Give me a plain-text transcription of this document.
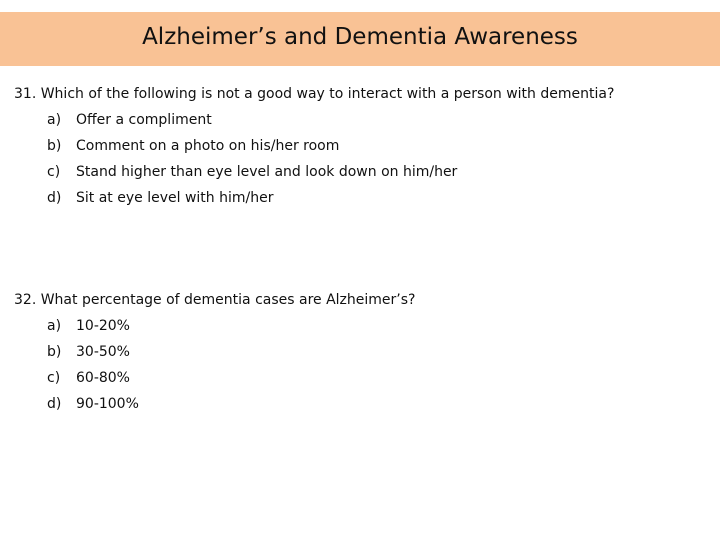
Alzheimer’s and Dementia Awareness
31. Which of the following is not a good way to interact with a person with dementia?
a) Offer a compliment
b) Comment on a photo on his/her room
c) Stand higher than eye level and look down on him/her
d) Sit at eye level with him/her
32. What percentage of dementia cases are Alzheimer’s?
a) 10-20%
b) 30-50%
c) 60-80%
d) 90-100%
